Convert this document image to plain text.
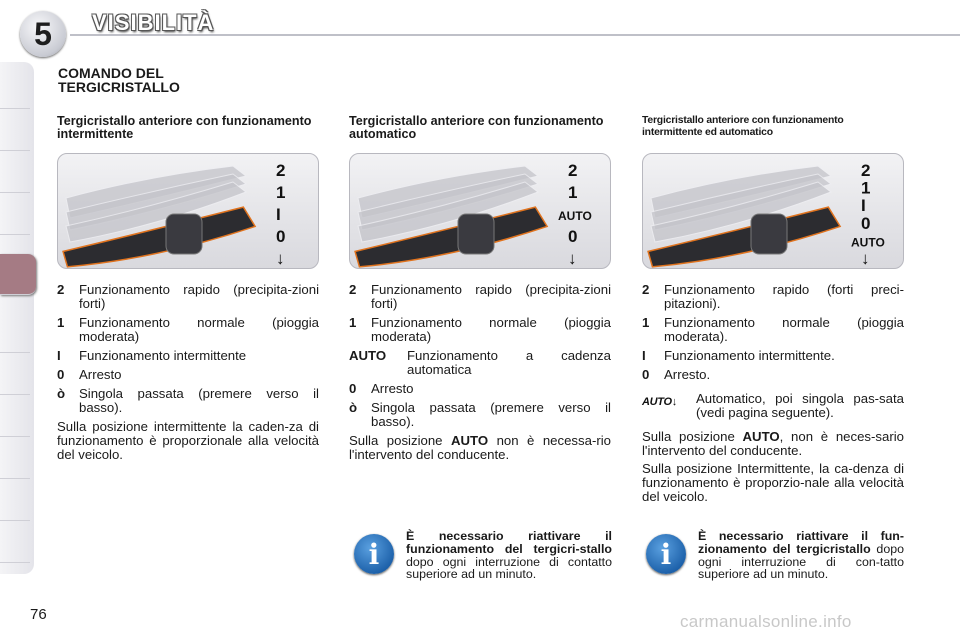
5	VISIBILITÀ
COMANDO DEL TERGICRISTALLO
Tergicristallo anteriore con funzionamento intermittente
2
1
I
0
↓
2	Funzionamento rapido (precipita-zioni forti)
1	Funzionamento normale (pioggia moderata)
I	Funzionamento intermittente
0	Arresto
ò	Singola passata (premere verso il basso).
Sulla posizione intermittente la caden-za di funzionamento è proporzionale alla velocità del veicolo.
Tergicristallo anteriore con funzionamento automatico
2
1
AUTO
0
↓
2	Funzionamento rapido (precipita-zioni forti)
1	Funzionamento normale (pioggia moderata)
AUTO	Funzionamento a cadenza automatica
0	Arresto
ò	Singola passata (premere verso il basso).
Sulla posizione AUTO non è necessa-rio l'intervento del conducente.
Tergicristallo anteriore con funzionamento intermittente ed automatico
2
1
I
0
AUTO
↓
2	Funzionamento rapido (forti preci-pitazioni).
1	Funzionamento normale (pioggia moderata).
I	Funzionamento intermittente.
0	Arresto.
AUTO↓	Automatico, poi singola pas-sata (vedi pagina seguente).
Sulla posizione AUTO, non è neces-sario l'intervento del conducente.
Sulla posizione Intermittente, la ca-denza di funzionamento è proporzio-nale alla velocità del veicolo.
i
È necessario riattivare il funzionamento del tergicri-stallo dopo ogni interruzione di contatto superiore ad un minuto.
i
È necessario riattivare il fun-zionamento del tergicristallo dopo ogni interruzione di con-tatto superiore ad un minuto.
76	carmanualsonline.info
